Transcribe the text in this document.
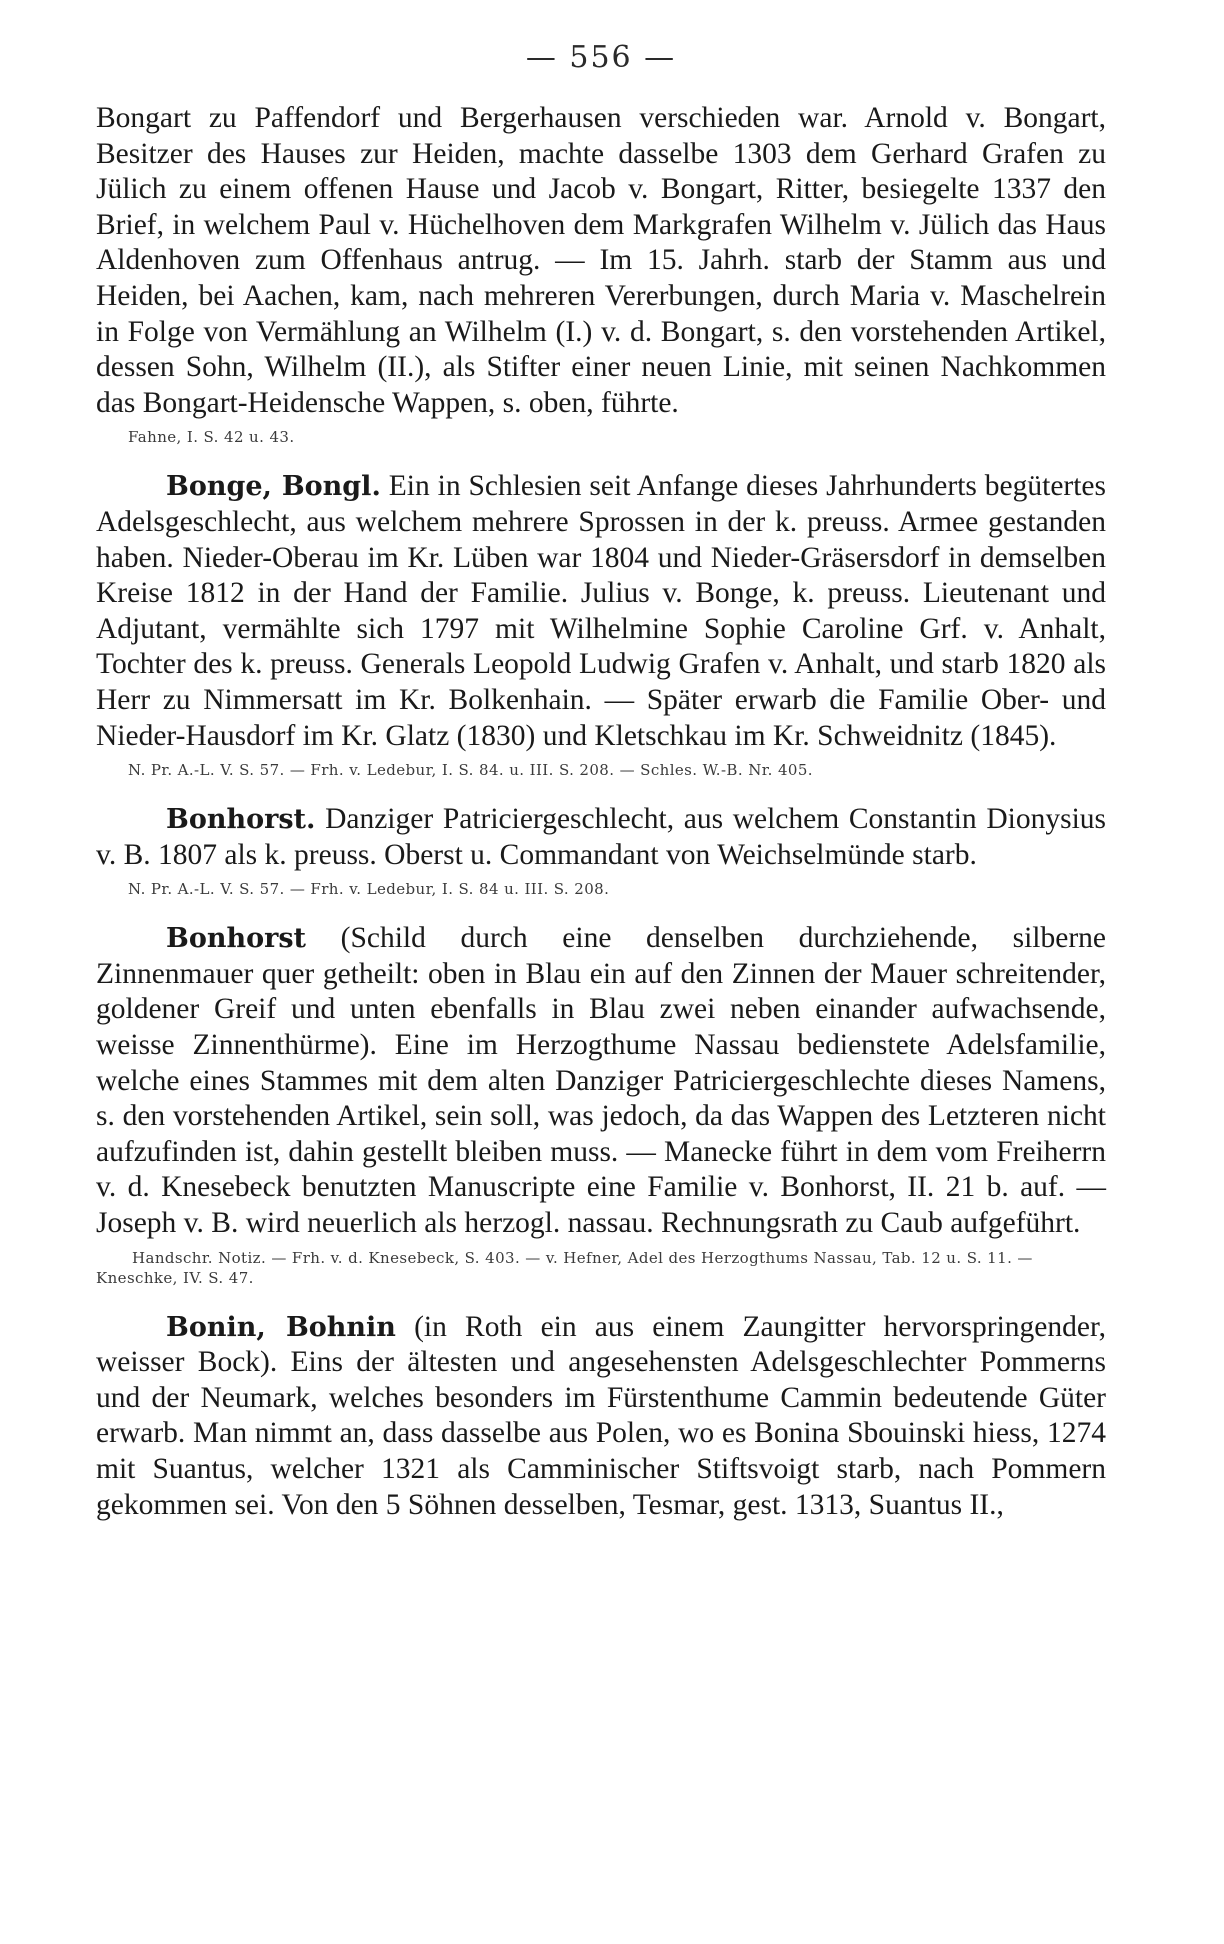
— 556 —

Bongart zu Paffendorf und Bergerhausen verschieden war. Arnold v. Bongart, Besitzer des Hauses zur Heiden, machte dasselbe 1303 dem Gerhard Grafen zu Jülich zu einem offenen Hause und Jacob v. Bongart, Ritter, besiegelte 1337 den Brief, in welchem Paul v. Hüchelhoven dem Markgrafen Wilhelm v. Jülich das Haus Aldenhoven zum Offenhaus antrug. — Im 15. Jahrh. starb der Stamm aus und Heiden, bei Aachen, kam, nach mehreren Vererbungen, durch Maria v. Maschelrein in Folge von Vermählung an Wilhelm (I.) v. d. Bongart, s. den vorstehenden Artikel, dessen Sohn, Wilhelm (II.), als Stifter einer neuen Linie, mit seinen Nachkommen das Bongart-Heidensche Wappen, s. oben, führte.

Fahne, I. S. 42 u. 43.

Bonge, Bongl. Ein in Schlesien seit Anfange dieses Jahrhunderts begütertes Adelsgeschlecht, aus welchem mehrere Sprossen in der k. preuss. Armee gestanden haben. Nieder-Oberau im Kr. Lüben war 1804 und Nieder-Gräsersdorf in demselben Kreise 1812 in der Hand der Familie. Julius v. Bonge, k. preuss. Lieutenant und Adjutant, vermählte sich 1797 mit Wilhelmine Sophie Caroline Grf. v. Anhalt, Tochter des k. preuss. Generals Leopold Ludwig Grafen v. Anhalt, und starb 1820 als Herr zu Nimmersatt im Kr. Bolkenhain. — Später erwarb die Familie Ober- und Nieder-Hausdorf im Kr. Glatz (1830) und Kletschkau im Kr. Schweidnitz (1845).

N. Pr. A.-L. V. S. 57. — Frh. v. Ledebur, I. S. 84. u. III. S. 208. — Schles. W.-B. Nr. 405.

Bonhorst. Danziger Patriciergeschlecht, aus welchem Constantin Dionysius v. B. 1807 als k. preuss. Oberst u. Commandant von Weichselmünde starb.

N. Pr. A.-L. V. S. 57. — Frh. v. Ledebur, I. S. 84 u. III. S. 208.

Bonhorst (Schild durch eine denselben durchziehende, silberne Zinnenmauer quer getheilt: oben in Blau ein auf den Zinnen der Mauer schreitender, goldener Greif und unten ebenfalls in Blau zwei neben einander aufwachsende, weisse Zinnenthürme). Eine im Herzogthume Nassau bedienstete Adelsfamilie, welche eines Stammes mit dem alten Danziger Patriciergeschlechte dieses Namens, s. den vorstehenden Artikel, sein soll, was jedoch, da das Wappen des Letzteren nicht aufzufinden ist, dahin gestellt bleiben muss. — Manecke führt in dem vom Freiherrn v. d. Knesebeck benutzten Manuscripte eine Familie v. Bonhorst, II. 21 b. auf. — Joseph v. B. wird neuerlich als herzogl. nassau. Rechnungsrath zu Caub aufgeführt.

Handschr. Notiz. — Frh. v. d. Knesebeck, S. 403. — v. Hefner, Adel des Herzogthums Nassau, Tab. 12 u. S. 11. — Kneschke, IV. S. 47.

Bonin, Bohnin (in Roth ein aus einem Zaungitter hervorspringender, weisser Bock). Eins der ältesten und angesehensten Adelsgeschlechter Pommerns und der Neumark, welches besonders im Fürstenthume Cammin bedeutende Güter erwarb. Man nimmt an, dass dasselbe aus Polen, wo es Bonina Sbouinski hiess, 1274 mit Suantus, welcher 1321 als Camminischer Stiftsvoigt starb, nach Pommern gekommen sei. Von den 5 Söhnen desselben, Tesmar, gest. 1313, Suantus II.,
